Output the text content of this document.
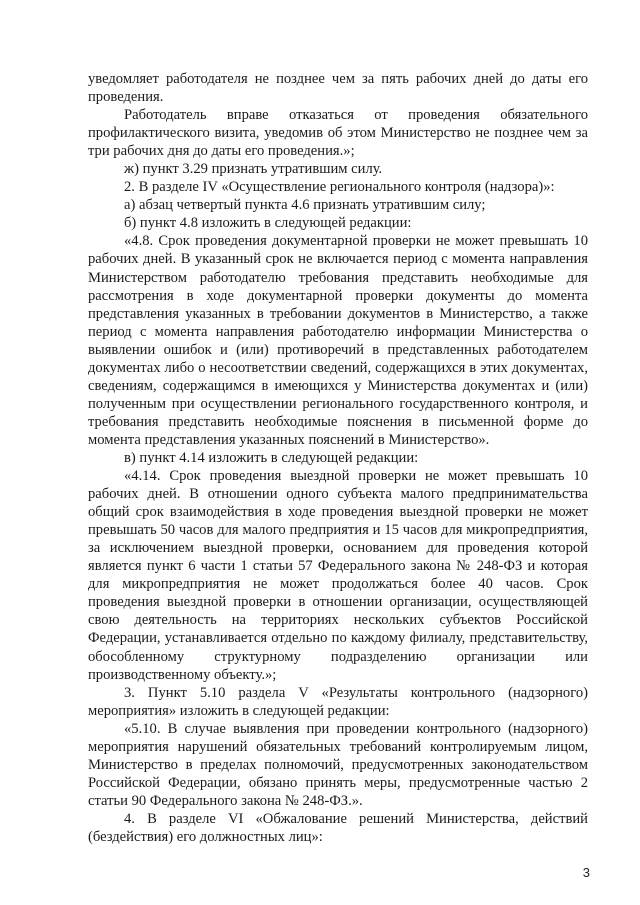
уведомляет работодателя не позднее чем за пять рабочих дней до даты его проведения.

Работодатель вправе отказаться от проведения обязательного профилактического визита, уведомив об этом Министерство не позднее чем за три рабочих дня до даты его проведения.»;

ж) пункт 3.29 признать утратившим силу.

2. В разделе IV «Осуществление регионального контроля (надзора)»:

а) абзац четвертый пункта 4.6 признать утратившим силу;

б) пункт 4.8 изложить в следующей редакции:

«4.8. Срок проведения документарной проверки не может превышать 10 рабочих дней. В указанный срок не включается период с момента направления Министерством работодателю требования представить необходимые для рассмотрения в ходе документарной проверки документы до момента представления указанных в требовании документов в Министерство, а также период с момента направления работодателю информации Министерства о выявлении ошибок и (или) противоречий в представленных работодателем документах либо о несоответствии сведений, содержащихся в этих документах, сведениям, содержащимся в имеющихся у Министерства документах и (или) полученным при осуществлении регионального государственного контроля, и требования представить необходимые пояснения в письменной форме до момента представления указанных пояснений в Министерство».

в) пункт 4.14 изложить в следующей редакции:

«4.14. Срок проведения выездной проверки не может превышать 10 рабочих дней. В отношении одного субъекта малого предпринимательства общий срок взаимодействия в ходе проведения выездной проверки не может превышать 50 часов для малого предприятия и 15 часов для микропредприятия, за исключением выездной проверки, основанием для проведения которой является пункт 6 части 1 статьи 57 Федерального закона № 248-ФЗ и которая для микропредприятия не может продолжаться более 40 часов. Срок проведения выездной проверки в отношении организации, осуществляющей свою деятельность на территориях нескольких субъектов Российской Федерации, устанавливается отдельно по каждому филиалу, представительству, обособленному структурному подразделению организации или производственному объекту.»;

3. Пункт 5.10 раздела V «Результаты контрольного (надзорного) мероприятия» изложить в следующей редакции:

«5.10. В случае выявления при проведении контрольного (надзорного) мероприятия нарушений обязательных требований контролируемым лицом, Министерство в пределах полномочий, предусмотренных законодательством Российской Федерации, обязано принять меры, предусмотренные частью 2 статьи 90 Федерального закона № 248-ФЗ.».

4. В разделе VI «Обжалование решений Министерства, действий (бездействия) его должностных лиц»:

3
